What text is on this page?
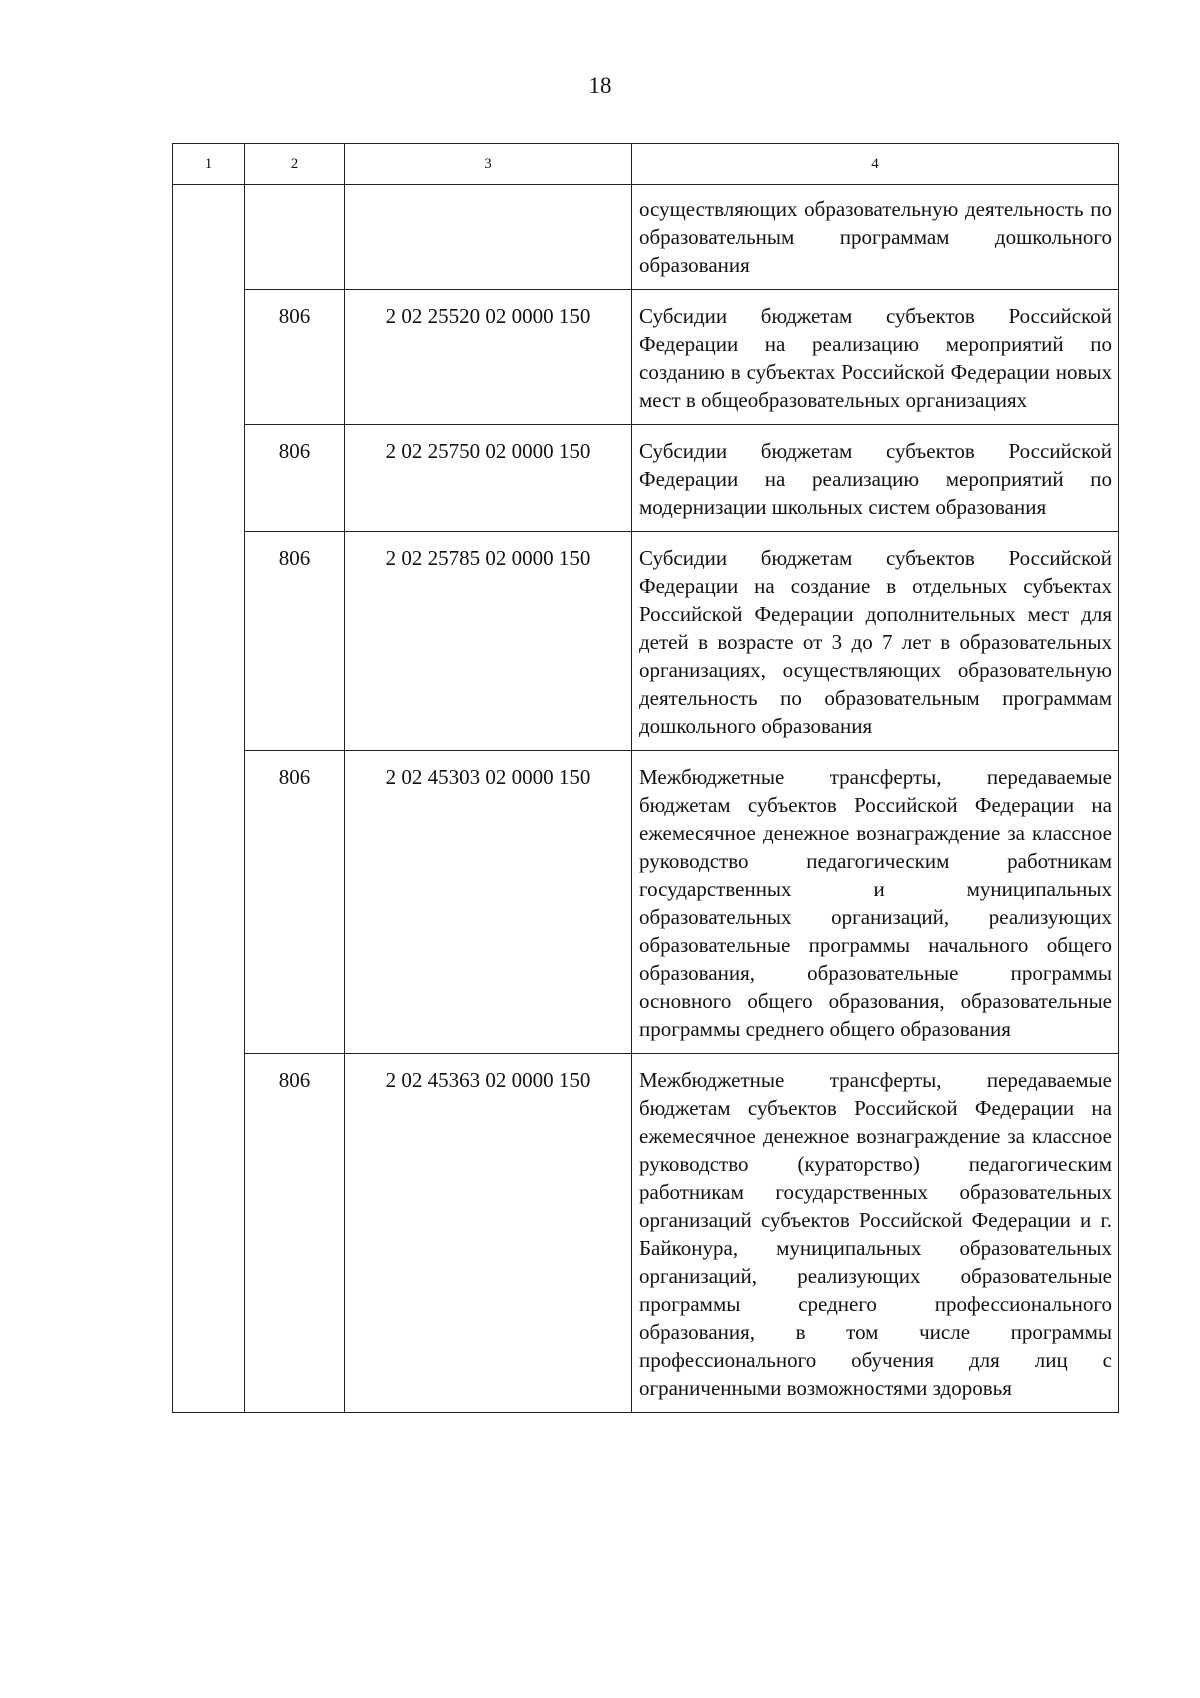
18
1	2	3	4
			осуществляющих образовательную деятельность по образовательным программам дошкольного образования
	806	2 02 25520 02 0000 150	Субсидии бюджетам субъектов Российской Федерации на реализацию мероприятий по созданию в субъектах Российской Федерации новых мест в общеобразовательных организациях
	806	2 02 25750 02 0000 150	Субсидии бюджетам субъектов Российской Федерации на реализацию мероприятий по модернизации школьных систем образования
	806	2 02 25785 02 0000 150	Субсидии бюджетам субъектов Российской Федерации на создание в отдельных субъектах Российской Федерации дополнительных мест для детей в возрасте от 3 до 7 лет в образовательных организациях, осуществляющих образовательную деятельность по образовательным программам дошкольного образования
	806	2 02 45303 02 0000 150	Межбюджетные трансферты, передаваемые бюджетам субъектов Российской Федерации на ежемесячное денежное вознаграждение за классное руководство педагогическим работникам государственных и муниципальных образовательных организаций, реализующих образовательные программы начального общего образования, образовательные программы основного общего образования, образовательные программы среднего общего образования
	806	2 02 45363 02 0000 150	Межбюджетные трансферты, передаваемые бюджетам субъектов Российской Федерации на ежемесячное денежное вознаграждение за классное руководство (кураторство) педагогическим работникам государственных образовательных организаций субъектов Российской Федерации и г. Байконура, муниципальных образовательных организаций, реализующих образовательные программы среднего профессионального образования, в том числе программы профессионального обучения для лиц с ограниченными возможностями здоровья
